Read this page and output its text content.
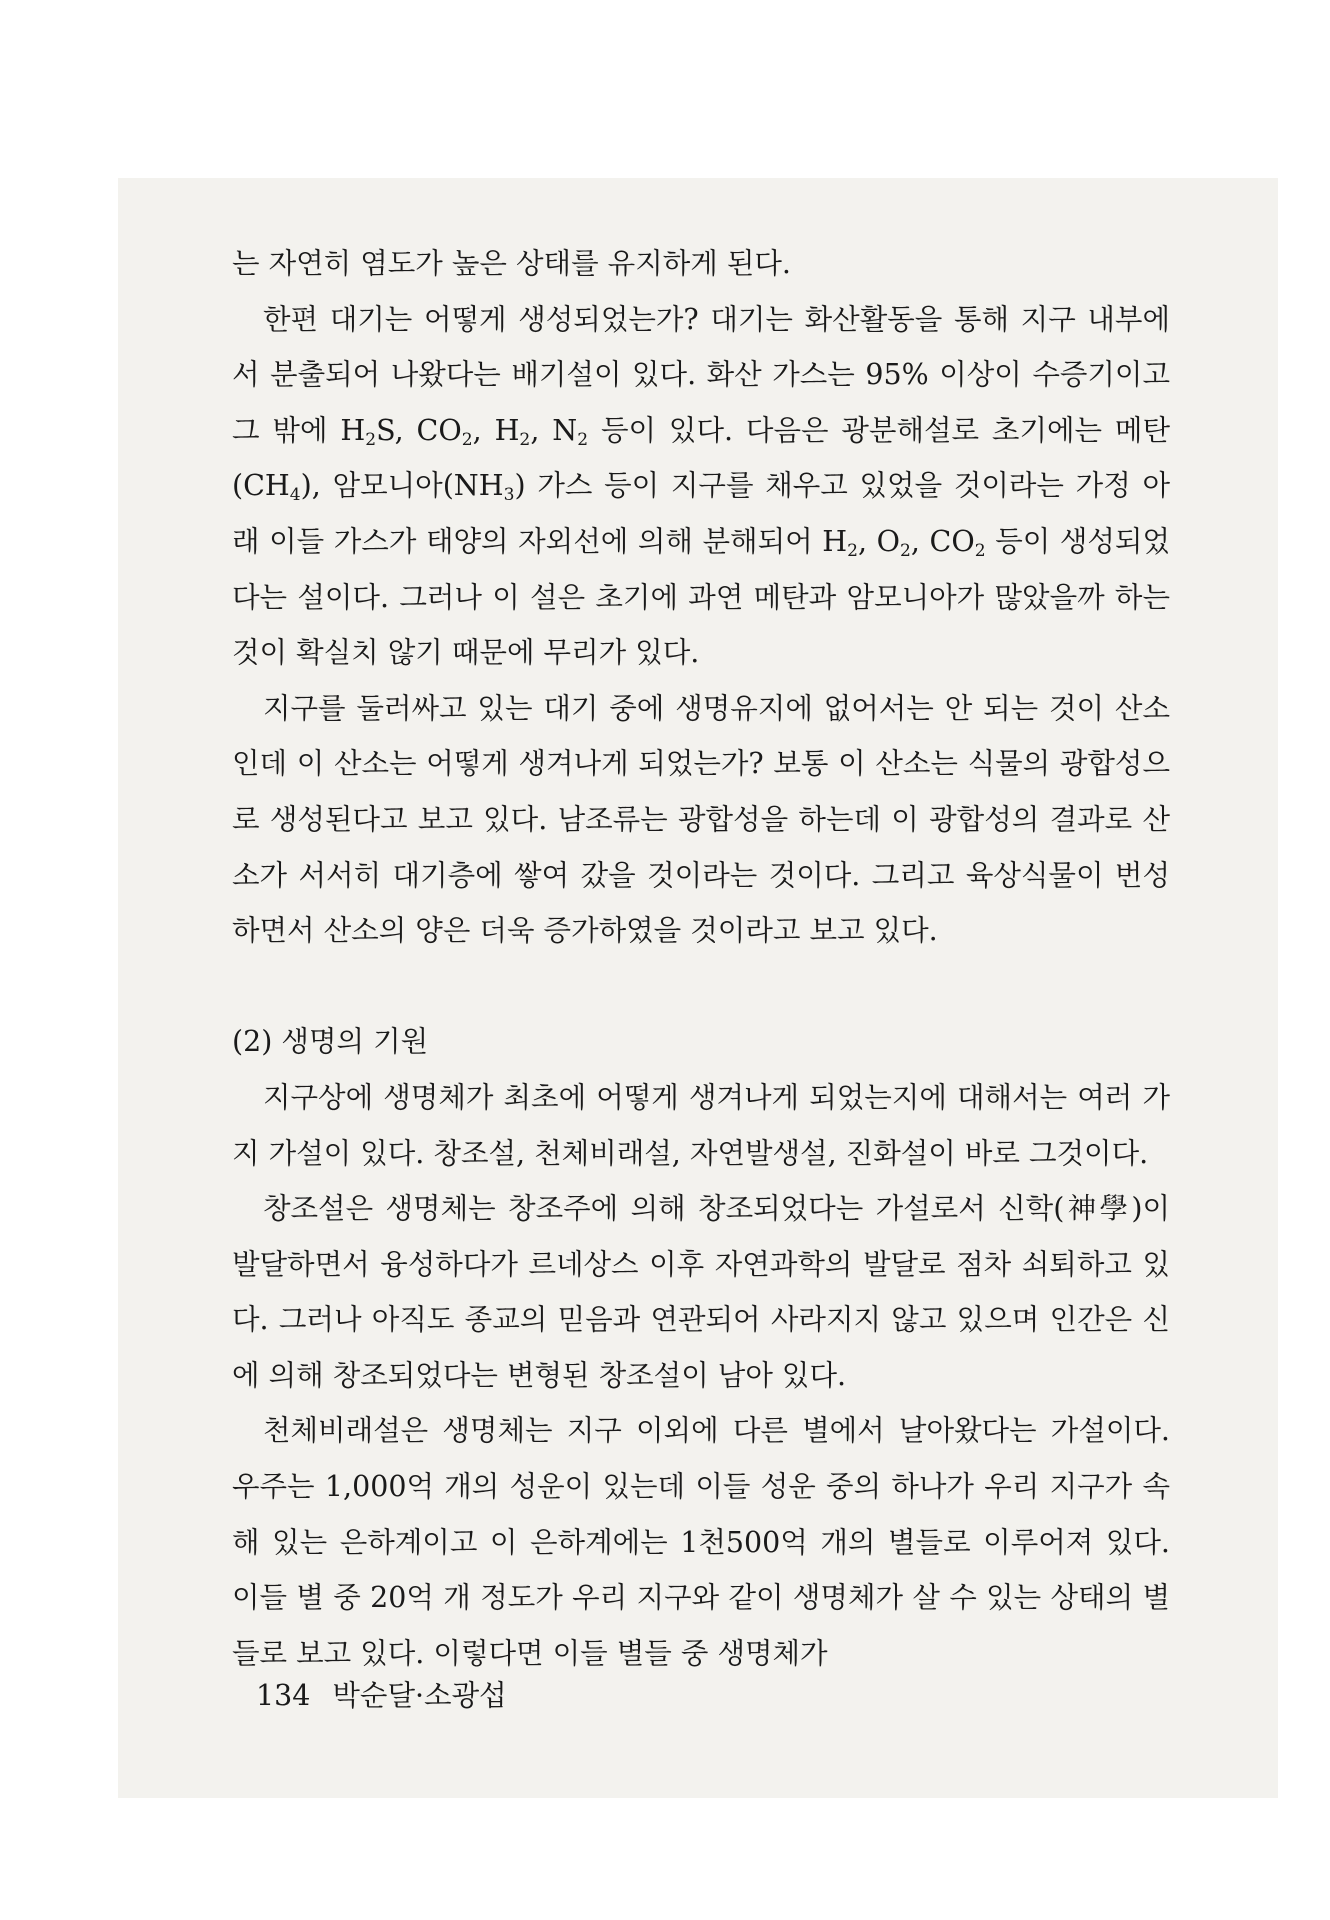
는 자연히 염도가 높은 상태를 유지하게 된다.

한편 대기는 어떻게 생성되었는가? 대기는 화산활동을 통해 지구 내부에서 분출되어 나왔다는 배기설이 있다. 화산 가스는 95% 이상이 수증기이고 그 밖에 $H_2S$, $CO_2$, $H_2$, $N_2$ 등이 있다. 다음은 광분해설로 초기에는 메탄$(CH_4)$, 암모니아$(NH_3)$ 가스 등이 지구를 채우고 있었을 것이라는 가정 아래 이들 가스가 태양의 자외선에 의해 분해되어 $H_2$, $O_2$, $CO_2$ 등이 생성되었다는 설이다. 그러나 이 설은 초기에 과연 메탄과 암모니아가 많았을까 하는 것이 확실치 않기 때문에 무리가 있다.

지구를 둘러싸고 있는 대기 중에 생명유지에 없어서는 안 되는 것이 산소인데 이 산소는 어떻게 생겨나게 되었는가? 보통 이 산소는 식물의 광합성으로 생성된다고 보고 있다. 남조류는 광합성을 하는데 이 광합성의 결과로 산소가 서서히 대기층에 쌓여 갔을 것이라는 것이다. 그리고 육상식물이 번성하면서 산소의 양은 더욱 증가하였을 것이라고 보고 있다.

(2) 생명의 기원

지구상에 생명체가 최초에 어떻게 생겨나게 되었는지에 대해서는 여러 가지 가설이 있다. 창조설, 천체비래설, 자연발생설, 진화설이 바로 그것이다.

창조설은 생명체는 창조주에 의해 창조되었다는 가설로서 신학(神學)이 발달하면서 융성하다가 르네상스 이후 자연과학의 발달로 점차 쇠퇴하고 있다. 그러나 아직도 종교의 믿음과 연관되어 사라지지 않고 있으며 인간은 신에 의해 창조되었다는 변형된 창조설이 남아 있다.

천체비래설은 생명체는 지구 이외에 다른 별에서 날아왔다는 가설이다. 우주는 1,000억 개의 성운이 있는데 이들 성운 중의 하나가 우리 지구가 속해 있는 은하계이고 이 은하계에는 1천500억 개의 별들로 이루어져 있다. 이들 별 중 20억 개 정도가 우리 지구와 같이 생명체가 살 수 있는 상태의 별들로 보고 있다. 이렇다면 이들 별들 중 생명체가

134 박순달·소광섭
